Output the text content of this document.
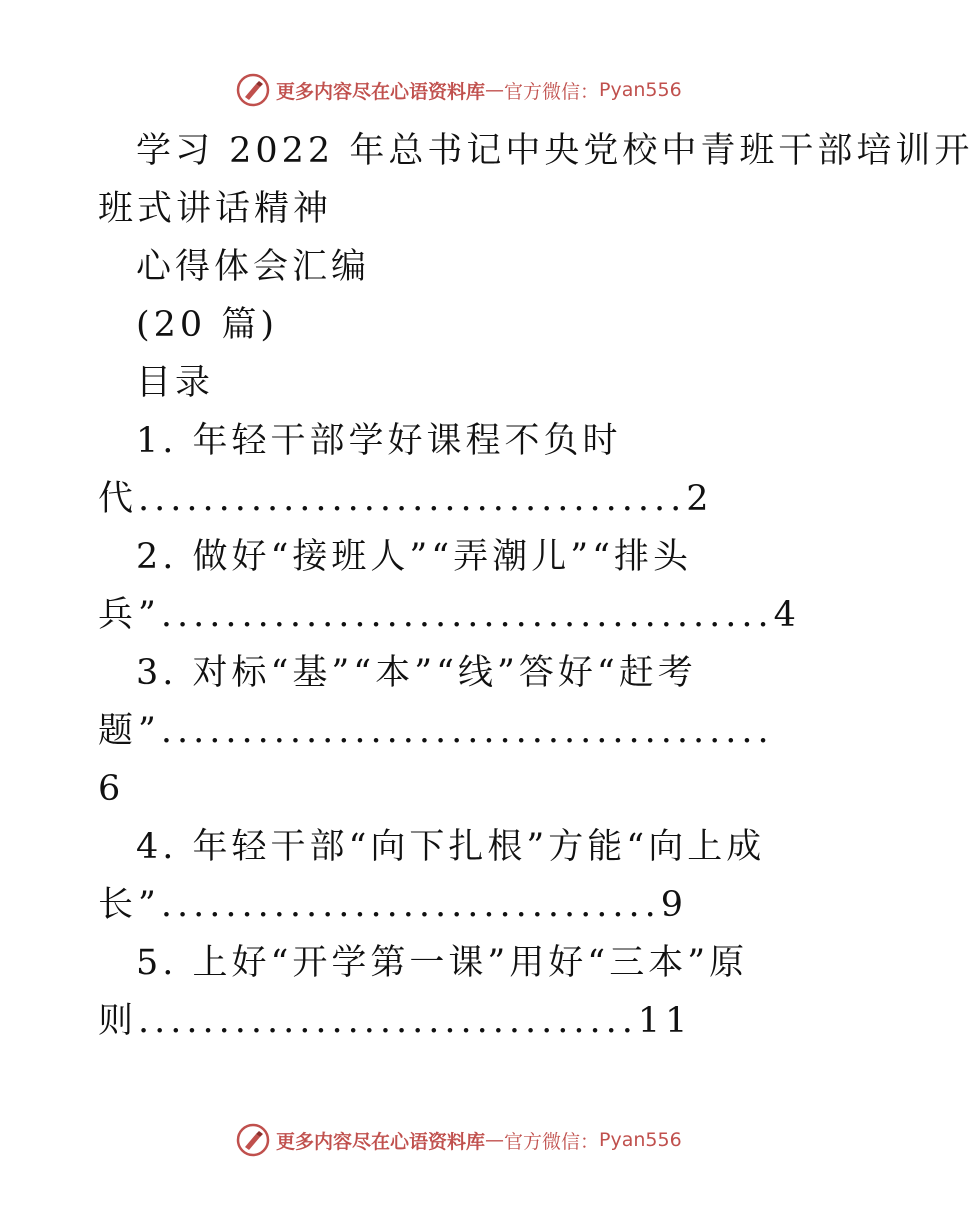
更多内容尽在心语资料库 — 官方微信： Pyan556
学习 2022 年总书记中央党校中青班干部培训开
班式讲话精神
心得体会汇编
(20 篇)
目录
1. 年轻干部学好课程不负时
代..................................2
2. 做好“接班人”“弄潮儿”“排头
兵”......................................4
3. 对标“基”“本”“线”答好“赶考
题”......................................
6
4. 年轻干部“向下扎根”方能“向上成
长”...............................9
5. 上好“开学第一课”用好“三本”原
则...............................11
更多内容尽在心语资料库 — 官方微信： Pyan556
